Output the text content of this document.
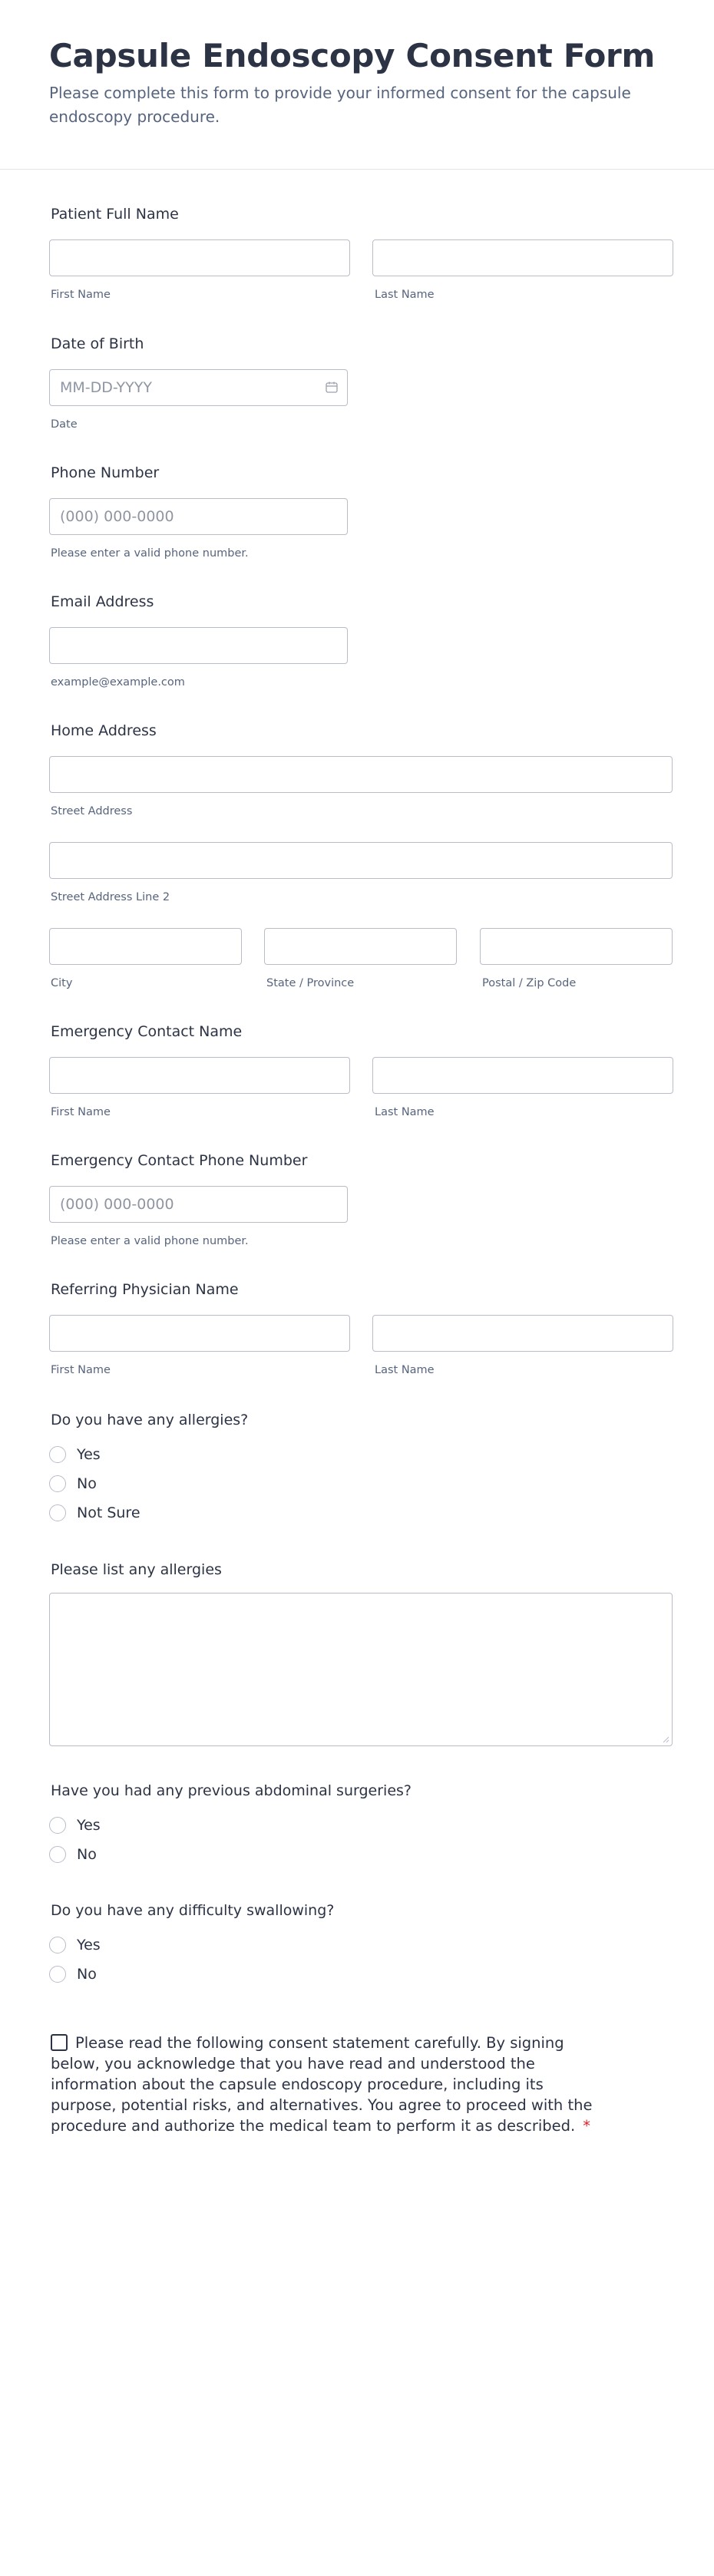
Capsule Endoscopy Consent Form

Please complete this form to provide your informed consent for the capsule endoscopy procedure.

Patient Full Name
First Name	Last Name
Date of Birth
MM-DD-YYYY
Date
Phone Number
(000) 000-0000
Please enter a valid phone number.
Email Address
example@example.com
Home Address
Street Address
Street Address Line 2
City	State / Province	Postal / Zip Code
Emergency Contact Name
First Name	Last Name
Emergency Contact Phone Number
(000) 000-0000
Please enter a valid phone number.
Referring Physician Name
First Name	Last Name
Do you have any allergies?
Yes
No
Not Sure
Please list any allergies
Have you had any previous abdominal surgeries?
Yes
No
Do you have any difficulty swallowing?
Yes
No
Please read the following consent statement carefully. By signing below, you acknowledge that you have read and understood the information about the capsule endoscopy procedure, including its purpose, potential risks, and alternatives. You agree to proceed with the procedure and authorize the medical team to perform it as described. *
